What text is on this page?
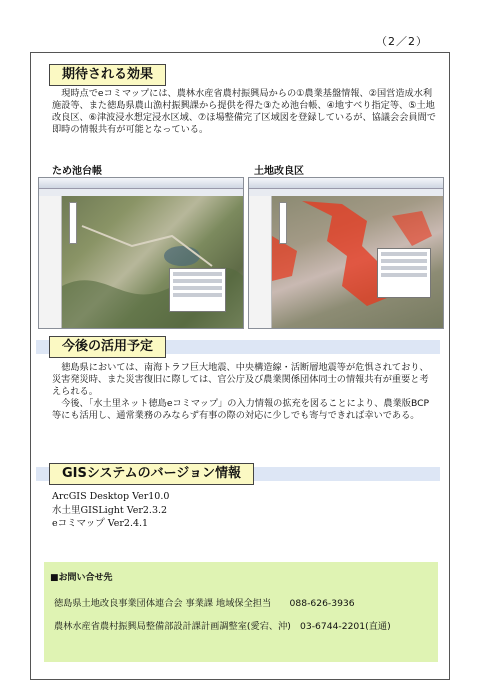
（2／2）
期待される効果

現時点でeコミマップには、農林水産省農村振興局からの①農業基盤情報、②国営造成水利施設等、また徳島県農山漁村振興課から提供を得た③ため池台帳、④地すべり指定等、⑤土地改良区、⑥津波浸水想定浸水区域、⑦ほ場整備完了区域図を登録しているが、協議会会員間で即時の情報共有が可能となっている。

ため池台帳	土地改良区
今後の活用予定

徳島県においては、南海トラフ巨大地震、中央構造線・活断層地震等が危惧されており、災害発災時、また災害復旧に際しては、官公庁及び農業関係団体同士の情報共有が重要と考えられる。

今後、「水土里ネット徳島eコミマップ」の入力情報の拡充を図ることにより、農業版BCP等にも活用し、通常業務のみならず有事の際の対応に少しでも寄与できれば幸いである。

GISシステムのバージョン情報
ArcGIS Desktop Ver10.0
水土里GISLight Ver2.3.2
eコミマップ Ver2.4.1
■お問い合せ先
徳島県土地改良事業団体連合会 事業課 地域保全担当　　088-626-3936
農林水産省農村振興局整備部設計課計画調整室(愛宕、沖)　03-6744-2201(直通)
